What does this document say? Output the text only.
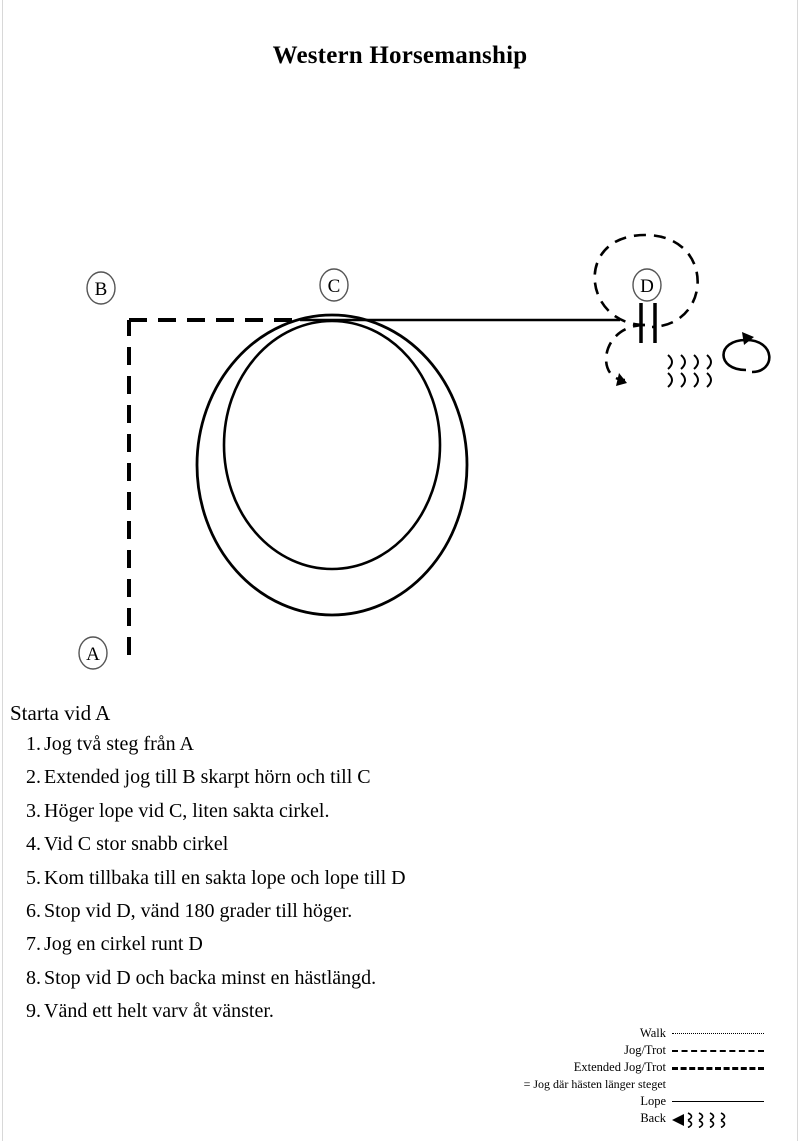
Western Horsemanship
B	C	D
A
Starta vid A
1. Jog två steg från A
2. Extended jog till B skarpt hörn och till C
3. Höger lope vid C, liten sakta cirkel.
4. Vid C stor snabb cirkel
5. Kom tillbaka till en sakta lope och lope till D
6. Stop vid D, vänd 180 grader till höger.
7. Jog en cirkel runt D
8. Stop vid D och backa minst en hästlängd.
9. Vänd ett helt varv åt vänster.
Walk
Jog/Trot
Extended Jog/Trot
= Jog där hästen länger steget
Lope
Back
